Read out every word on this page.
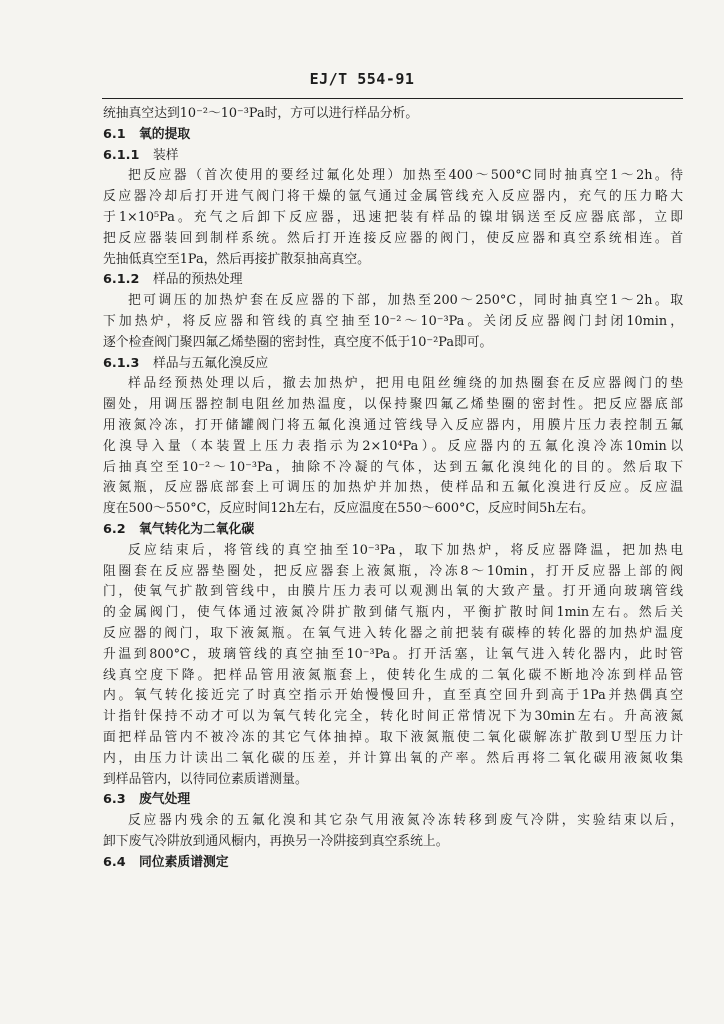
EJ/T 554-91
统抽真空达到10⁻²～10⁻³Pa时，方可以进行样品分析。
6.1 氧的提取
6.1.1 装样
把反应器（首次使用的要经过氟化处理）加热至400～500°C同时抽真空1～2h。待
反应器冷却后打开进气阀门将干燥的氩气通过金属管线充入反应器内，充气的压力略大
于1×10⁵Pa。充气之后卸下反应器，迅速把装有样品的镍坩锅送至反应器底部，立即
把反应器装回到制样系统。然后打开连接反应器的阀门，使反应器和真空系统相连。首
先抽低真空至1Pa，然后再接扩散泵抽高真空。
6.1.2 样品的预热处理
把可调压的加热炉套在反应器的下部，加热至200～250°C，同时抽真空1～2h。取
下加热炉，将反应器和管线的真空抽至10⁻²～10⁻³Pa。关闭反应器阀门封闭10min，
逐个检查阀门聚四氟乙烯垫圈的密封性，真空度不低于10⁻²Pa即可。
6.1.3 样品与五氟化溴反应
样品经预热处理以后，撤去加热炉，把用电阻丝缠绕的加热圈套在反应器阀门的垫
圈处，用调压器控制电阻丝加热温度，以保持聚四氟乙烯垫圈的密封性。把反应器底部
用液氮冷冻，打开储罐阀门将五氟化溴通过管线导入反应器内，用膜片压力表控制五氟
化溴导入量（本装置上压力表指示为2×10⁴Pa）。反应器内的五氟化溴冷冻10min以
后抽真空至10⁻²～10⁻³Pa，抽除不冷凝的气体，达到五氟化溴纯化的目的。然后取下
液氮瓶，反应器底部套上可调压的加热炉并加热，使样品和五氟化溴进行反应。反应温
度在500～550°C，反应时间12h左右，反应温度在550～600°C，反应时间5h左右。
6.2 氧气转化为二氧化碳
反应结束后，将管线的真空抽至10⁻³Pa，取下加热炉，将反应器降温，把加热电
阻圈套在反应器垫圈处，把反应器套上液氮瓶，冷冻8～10min，打开反应器上部的阀
门，使氧气扩散到管线中，由膜片压力表可以观测出氧的大致产量。打开通向玻璃管线
的金属阀门，使气体通过液氮冷阱扩散到储气瓶内，平衡扩散时间1min左右。然后关
反应器的阀门，取下液氮瓶。在氧气进入转化器之前把装有碳棒的转化器的加热炉温度
升温到800°C，玻璃管线的真空抽至10⁻³Pa。打开活塞，让氧气进入转化器内，此时管
线真空度下降。把样品管用液氮瓶套上，使转化生成的二氧化碳不断地冷冻到样品管
内。氧气转化接近完了时真空指示开始慢慢回升，直至真空回升到高于1Pa并热偶真空
计指针保持不动才可以为氧气转化完全，转化时间正常情况下为30min左右。升高液氮
面把样品管内不被冷冻的其它气体抽掉。取下液氮瓶使二氧化碳解冻扩散到U型压力计
内，由压力计读出二氧化碳的压差，并计算出氧的产率。然后再将二氧化碳用液氮收集
到样品管内，以待同位素质谱测量。
6.3 废气处理
反应器内残余的五氟化溴和其它杂气用液氮冷冻转移到废气冷阱，实验结束以后，
卸下废气冷阱放到通风橱内，再换另一冷阱接到真空系统上。
6.4 同位素质谱测定
